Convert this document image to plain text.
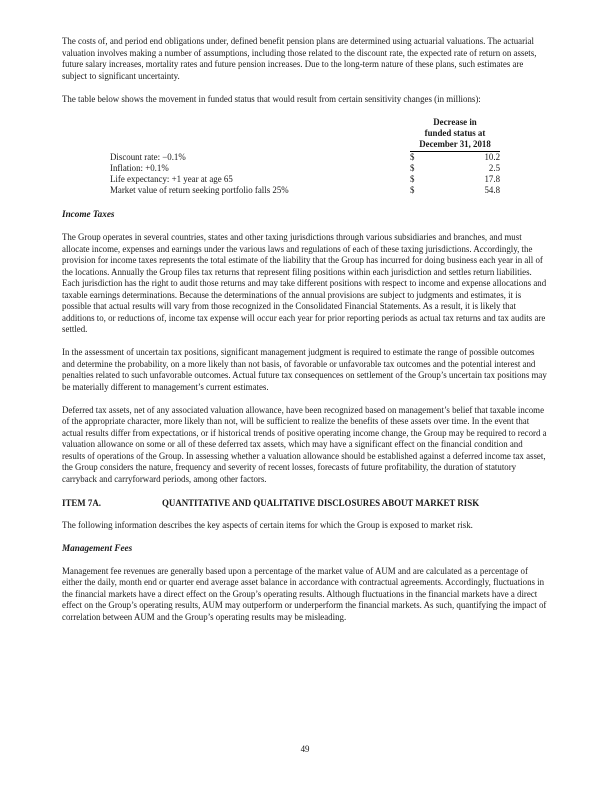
The costs of, and period end obligations under, defined benefit pension plans are determined using actuarial valuations. The actuarial valuation involves making a number of assumptions, including those related to the discount rate, the expected rate of return on assets, future salary increases, mortality rates and future pension increases. Due to the long-term nature of these plans, such estimates are subject to significant uncertainty.

The table below shows the movement in funded status that would result from certain sensitivity changes (in millions):

	Decrease in
funded status at
December 31, 2018	

Discount rate: −0.1%	$	10.2
Inflation: +0.1%	$	2.5
Life expectancy: +1 year at age 65	$	17.8
Market value of return seeking portfolio falls 25%	$	54.8

Income Taxes

The Group operates in several countries, states and other taxing jurisdictions through various subsidiaries and branches, and must allocate income, expenses and earnings under the various laws and regulations of each of these taxing jurisdictions. Accordingly, the provision for income taxes represents the total estimate of the liability that the Group has incurred for doing business each year in all of the locations. Annually the Group files tax returns that represent filing positions within each jurisdiction and settles return liabilities. Each jurisdiction has the right to audit those returns and may take different positions with respect to income and expense allocations and taxable earnings determinations. Because the determinations of the annual provisions are subject to judgments and estimates, it is possible that actual results will vary from those recognized in the Consolidated Financial Statements. As a result, it is likely that additions to, or reductions of, income tax expense will occur each year for prior reporting periods as actual tax returns and tax audits are settled.

In the assessment of uncertain tax positions, significant management judgment is required to estimate the range of possible outcomes and determine the probability, on a more likely than not basis, of favorable or unfavorable tax outcomes and the potential interest and penalties related to such unfavorable outcomes. Actual future tax consequences on settlement of the Group’s uncertain tax positions may be materially different to management’s current estimates.

Deferred tax assets, net of any associated valuation allowance, have been recognized based on management’s belief that taxable income of the appropriate character, more likely than not, will be sufficient to realize the benefits of these assets over time. In the event that actual results differ from expectations, or if historical trends of positive operating income change, the Group may be required to record a valuation allowance on some or all of these deferred tax assets, which may have a significant effect on the financial condition and results of operations of the Group. In assessing whether a valuation allowance should be established against a deferred income tax asset, the Group considers the nature, frequency and severity of recent losses, forecasts of future profitability, the duration of statutory carryback and carryforward periods, among other factors.

ITEM 7A.	QUANTITATIVE AND QUALITATIVE DISCLOSURES ABOUT MARKET RISK

The following information describes the key aspects of certain items for which the Group is exposed to market risk.

Management Fees

Management fee revenues are generally based upon a percentage of the market value of AUM and are calculated as a percentage of either the daily, month end or quarter end average asset balance in accordance with contractual agreements. Accordingly, fluctuations in the financial markets have a direct effect on the Group’s operating results. Although fluctuations in the financial markets have a direct effect on the Group’s operating results, AUM may outperform or underperform the financial markets. As such, quantifying the impact of correlation between AUM and the Group’s operating results may be misleading.

49
